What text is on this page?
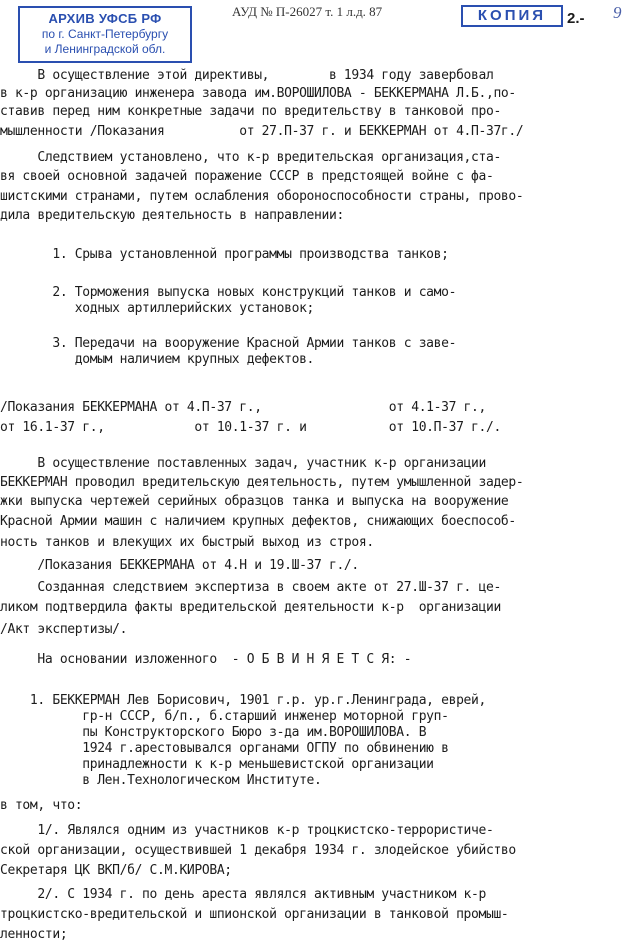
АРХИВ УФСБ РФ
по г. Санкт-Петербургу
и Ленинградской обл.
АУД № П-26027 т. 1 л.д. 87	КОПИЯ	2.- 9
В осуществление этой директивы,        в 1934 году завербовал
в к-р организацию инженера завода им.ВОРОШИЛОВА - БЕККЕРМАНА Л.Б.,по-
ставив перед ним конкретные задачи по вредительству в танковой про-
мышленности /Показания          от 27.П-37 г. и БЕККЕРМАН от 4.П-37г./
Следствием установлено, что к-р вредительская организация,ста-
вя своей основной задачей поражение СССР в предстоящей войне с фа-
шистскими странами, путем ослабления обороноспособности страны, прово-
дила вредительскую деятельность в направлении:
1. Срыва установленной программы производства танков;
2. Торможения выпуска новых конструкций танков и само-
ходных артиллерийских установок;
3. Передачи на вооружение Красной Армии танков с заве-
домым наличием крупных дефектов.
/Показания БЕККЕРМАНА от 4.П-37 г.,                 от 4.1-37 г.,
от 16.1-37 г.,            от 10.1-37 г. и           от 10.П-37 г./.
В осуществление поставленных задач, участник к-р организации
БЕККЕРМАН проводил вредительскую деятельность, путем умышленной задер-
жки выпуска чертежей серийных образцов танка и выпуска на вооружение
Красной Армии машин с наличием крупных дефектов, снижающих боеспособ-
ность танков и влекущих их быстрый выход из строя.
/Показания БЕККЕРМАНА от 4.Н и 19.Ш-37 г./.
Созданная следствием экспертиза в своем акте от 27.Ш-37 г. це-
ликом подтвердила факты вредительской деятельности к-р  организации
/Акт экспертизы/.
На основании изложенного  - О Б В И Н Я Е Т С Я: -
1. БЕККЕРМАН Лев Борисович, 1901 г.р. ур.г.Ленинграда, еврей,
гр-н СССР, б/п., б.старший инженер моторной груп-
пы Конструкторского Бюро з-да им.ВОРОШИЛОВА. В
1924 г.арестовывался органами ОГПУ по обвинению в
принадлежности к к-р меньшевистской организации
в Лен.Технологическом Институте.
в том, что:
1/. Являлся одним из участников к-р троцкистско-террористиче-
ской организации, осуществившей 1 декабря 1934 г. злодейское убийство
Секретаря ЦК ВКП/б/ С.М.КИРОВА;
2/. С 1934 г. по день ареста являлся активным участником к-р
троцкистско-вредительской и шпионской организации в танковой промыш-
ленности;
